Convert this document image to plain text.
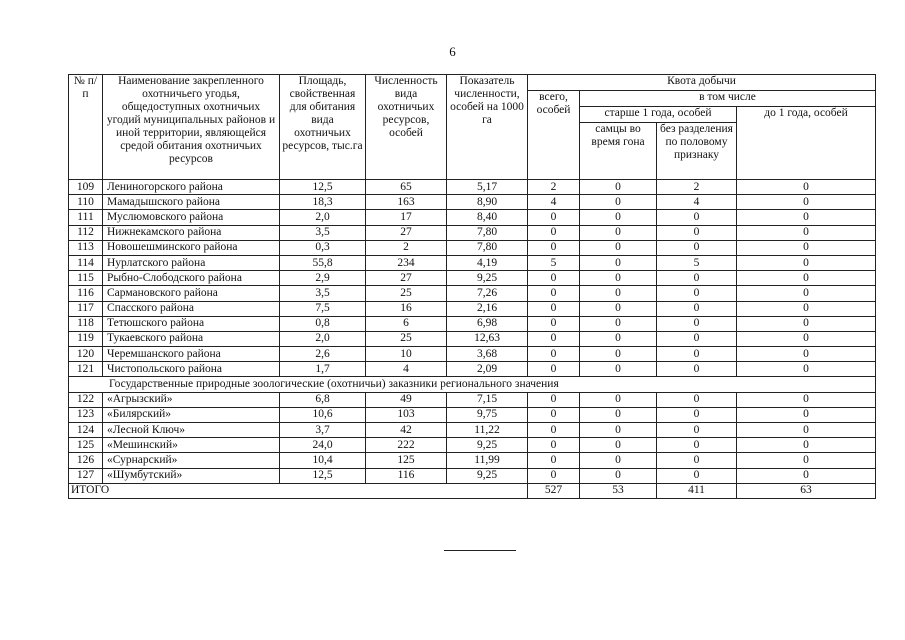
6
№ п/п	Наименование закрепленного охотничьего угодья, общедоступных охотничьих угодий муниципальных районов и иной территории, являющейся средой обитания охотничьих ресурсов	Площадь, свойственная для обитания вида охотничьих ресурсов, тыс.га	Численность вида охотничьих ресурсов, особей	Показатель численности, особей на 1000 га	Квота добычи			
					всего, особей	в том числе		
						старше 1 года, особей		до 1 года, особей
						самцы во время гона	без разделения по половому признаку	
109	Лениногорского района	12,5	65	5,17	2	0	2	0
110	Мамадышского района	18,3	163	8,90	4	0	4	0
111	Муслюмовского района	2,0	17	8,40	0	0	0	0
112	Нижнекамского района	3,5	27	7,80	0	0	0	0
113	Новошешминского района	0,3	2	7,80	0	0	0	0
114	Нурлатского района	55,8	234	4,19	5	0	5	0
115	Рыбно-Слободского района	2,9	27	9,25	0	0	0	0
116	Сармановского района	3,5	25	7,26	0	0	0	0
117	Спасского района	7,5	16	2,16	0	0	0	0
118	Тетюшского района	0,8	6	6,98	0	0	0	0
119	Тукаевского района	2,0	25	12,63	0	0	0	0
120	Черемшанского района	2,6	10	3,68	0	0	0	0
121	Чистопольского района	1,7	4	2,09	0	0	0	0
Государственные природные зоологические (охотничьи) заказники регионального значения								
122	«Агрызский»	6,8	49	7,15	0	0	0	0
123	«Билярский»	10,6	103	9,75	0	0	0	0
124	«Лесной Ключ»	3,7	42	11,22	0	0	0	0
125	«Мешинский»	24,0	222	9,25	0	0	0	0
126	«Сурнарский»	10,4	125	11,99	0	0	0	0
127	«Шумбутский»	12,5	116	9,25	0	0	0	0
ИТОГО					527	53	411	63
